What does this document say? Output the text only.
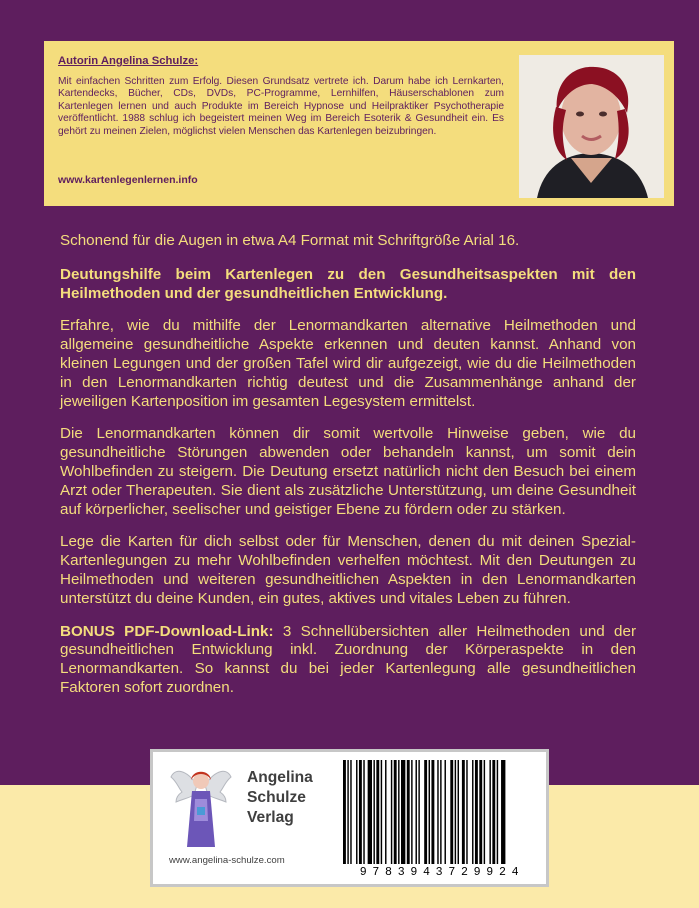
Autorin Angelina Schulze:
Mit einfachen Schritten zum Erfolg. Diesen Grundsatz vertrete ich. Darum habe ich Lernkarten, Kartendecks, Bücher, CDs, DVDs, PC-Programme, Lernhilfen, Häuserschablonen zum Kartenlegen lernen und auch Produkte im Bereich Hypnose und Heilpraktiker Psychotherapie veröffentlicht. 1988 schlug ich begeistert meinen Weg im Bereich Esoterik & Gesundheit ein. Es gehört zu meinen Zielen, möglichst vielen Menschen das Kartenlegen beizubringen.
www.kartenlegenlernen.info

Schonend für die Augen in etwa A4 Format mit Schriftgröße Arial 16.

Deutungshilfe beim Kartenlegen zu den Gesundheitsaspekten mit den Heilmethoden und der gesundheitlichen Entwicklung.

Erfahre, wie du mithilfe der Lenormandkarten alternative Heilmethoden und allgemeine gesundheitliche Aspekte erkennen und deuten kannst. Anhand von kleinen Legungen und der großen Tafel wird dir aufgezeigt, wie du die Heilmethoden in den Lenormandkarten richtig deutest und die Zusammenhänge anhand der jeweiligen Kartenposition im gesamten Legesystem ermittelst.

Die Lenormandkarten können dir somit wertvolle Hinweise geben, wie du gesundheitliche Störungen abwenden oder behandeln kannst, um somit dein Wohlbefinden zu steigern. Die Deutung ersetzt natürlich nicht den Besuch bei einem Arzt oder Therapeuten. Sie dient als zusätzliche Unterstützung, um deine Gesundheit auf körperlicher, seelischer und geistiger Ebene zu fördern oder zu stärken.

Lege die Karten für dich selbst oder für Menschen, denen du mit deinen Spezial-Kartenlegungen zu mehr Wohlbefinden verhelfen möchtest. Mit den Deutungen zu Heilmethoden und weiteren gesundheitlichen Aspekten in den Lenormandkarten unterstützt du deine Kunden, ein gutes, aktives und vitales Leben zu führen.

BONUS PDF-Download-Link: 3 Schnellübersichten aller Heilmethoden und der gesundheitlichen Entwicklung inkl. Zuordnung der Körperaspekte in den Lenormandkarten. So kannst du bei jeder Kartenlegung alle gesundheitlichen Faktoren sofort zuordnen.

Angelina
Schulze
Verlag
www.angelina-schulze.com
9783943729924
